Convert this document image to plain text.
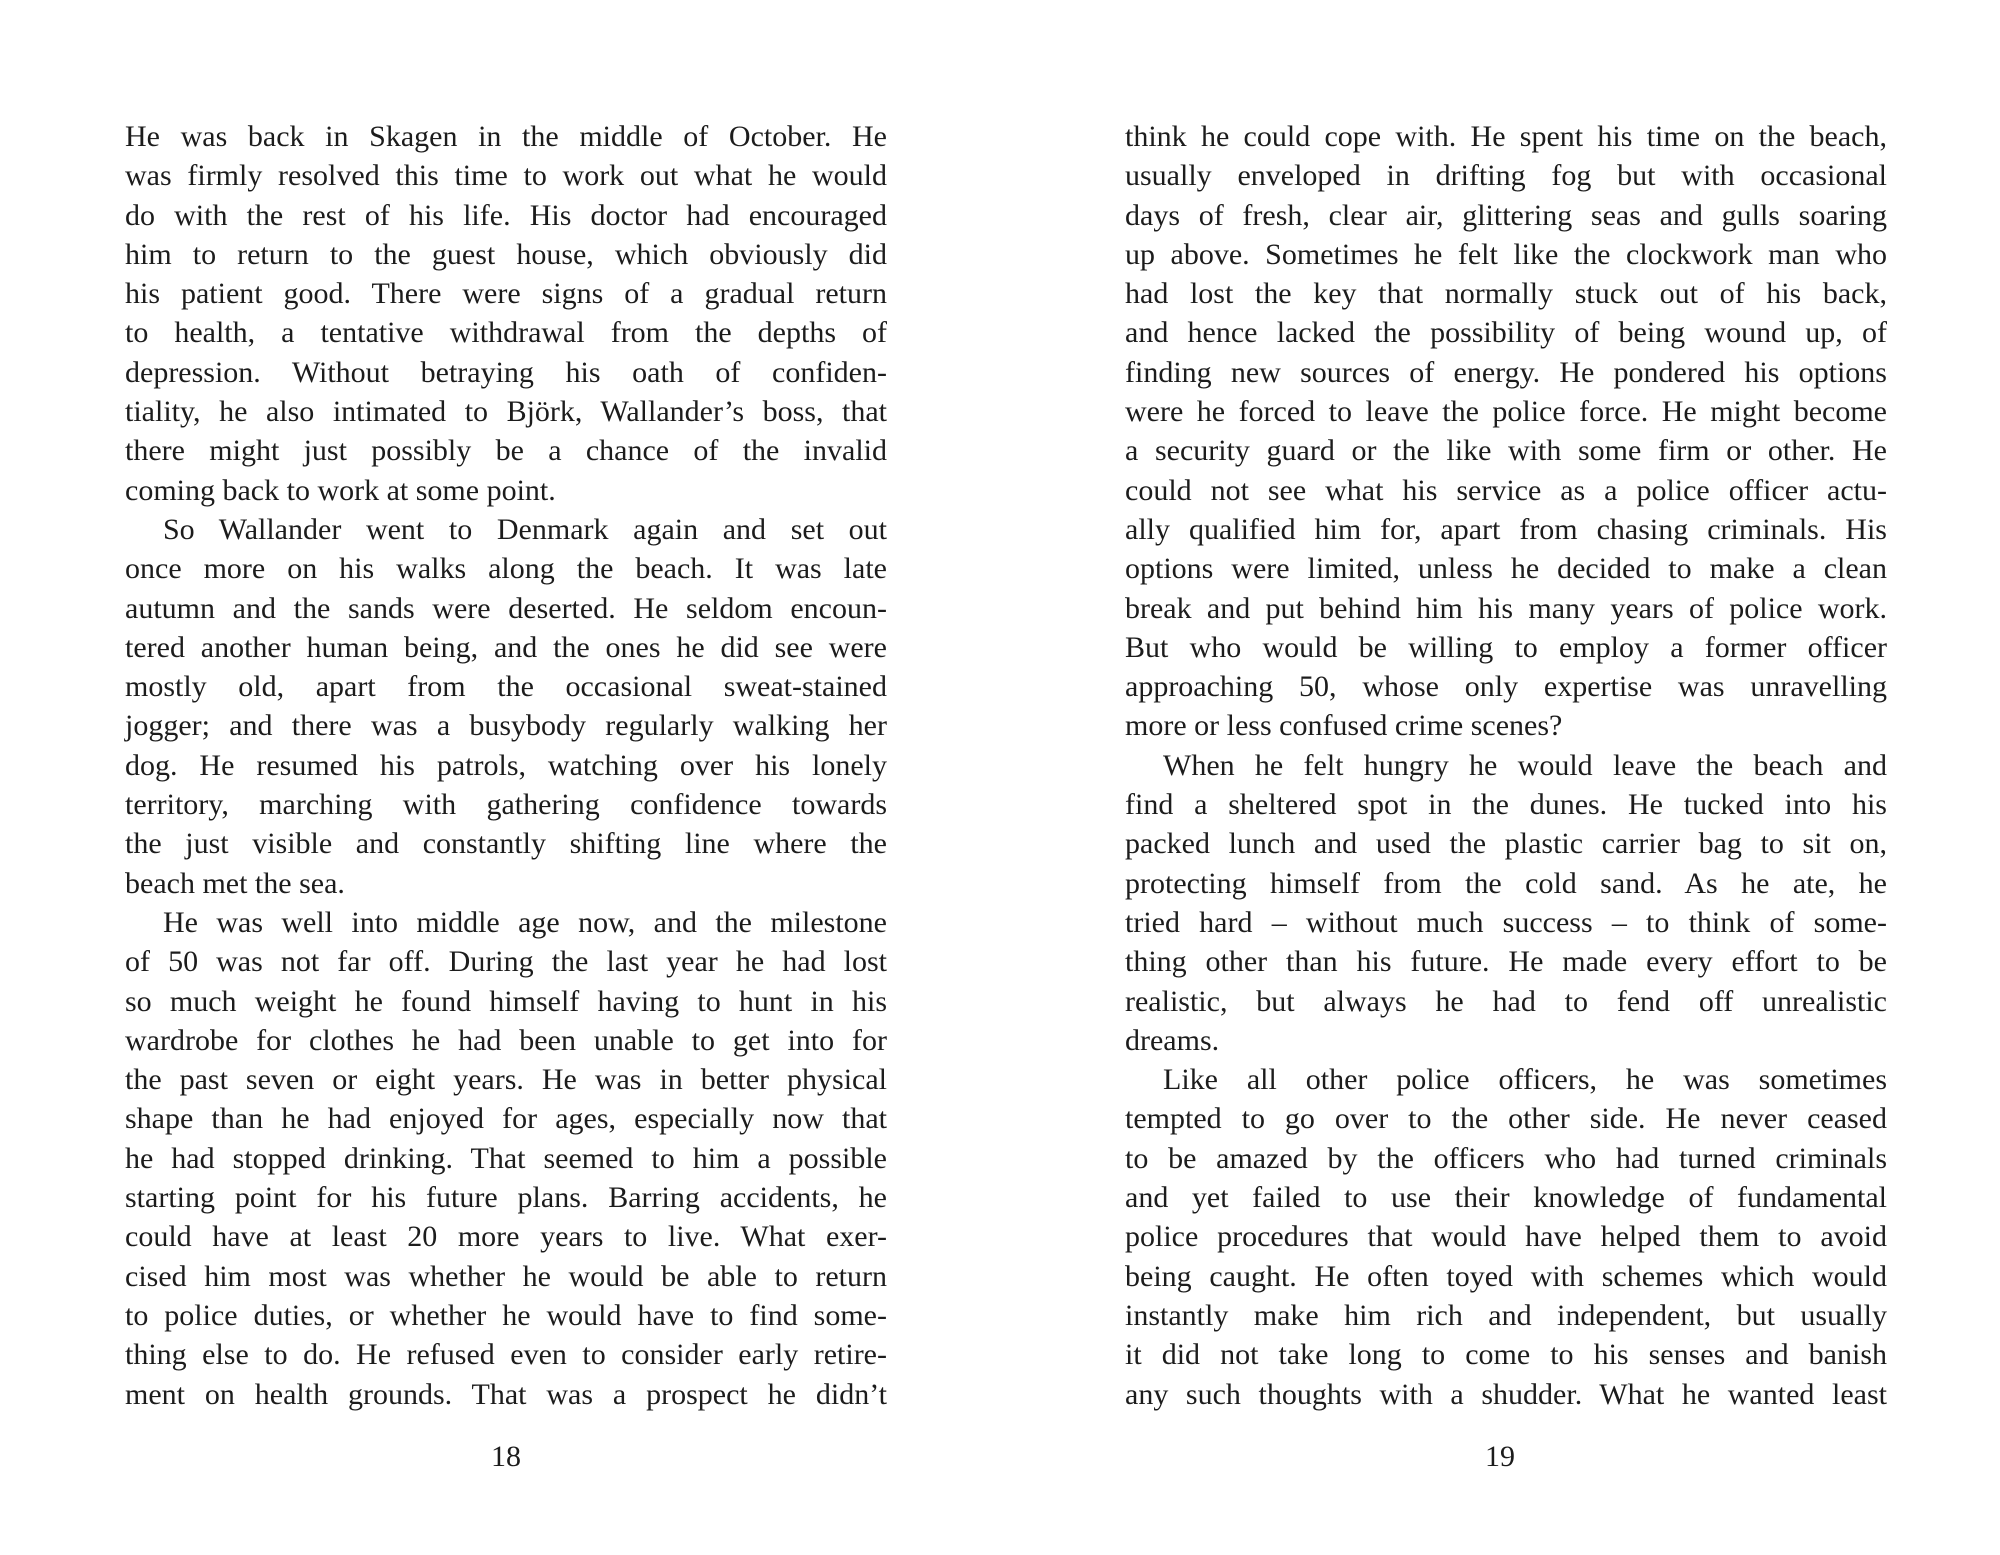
He was back in Skagen in the middle of October. He
was firmly resolved this time to work out what he would
do with the rest of his life. His doctor had encouraged
him to return to the guest house, which obviously did
his patient good. There were signs of a gradual return
to health, a tentative withdrawal from the depths of
depression. Without betraying his oath of confiden-
tiality, he also intimated to Björk, Wallander’s boss, that
there might just possibly be a chance of the invalid
coming back to work at some point.
So Wallander went to Denmark again and set out
once more on his walks along the beach. It was late
autumn and the sands were deserted. He seldom encoun-
tered another human being, and the ones he did see were
mostly old, apart from the occasional sweat-stained
jogger; and there was a busybody regularly walking her
dog. He resumed his patrols, watching over his lonely
territory, marching with gathering confidence towards
the just visible and constantly shifting line where the
beach met the sea.
He was well into middle age now, and the milestone
of 50 was not far off. During the last year he had lost
so much weight he found himself having to hunt in his
wardrobe for clothes he had been unable to get into for
the past seven or eight years. He was in better physical
shape than he had enjoyed for ages, especially now that
he had stopped drinking. That seemed to him a possible
starting point for his future plans. Barring accidents, he
could have at least 20 more years to live. What exer-
cised him most was whether he would be able to return
to police duties, or whether he would have to find some-
thing else to do. He refused even to consider early retire-
ment on health grounds. That was a prospect he didn’t
18
think he could cope with. He spent his time on the beach,
usually enveloped in drifting fog but with occasional
days of fresh, clear air, glittering seas and gulls soaring
up above. Sometimes he felt like the clockwork man who
had lost the key that normally stuck out of his back,
and hence lacked the possibility of being wound up, of
finding new sources of energy. He pondered his options
were he forced to leave the police force. He might become
a security guard or the like with some firm or other. He
could not see what his service as a police officer actu-
ally qualified him for, apart from chasing criminals. His
options were limited, unless he decided to make a clean
break and put behind him his many years of police work.
But who would be willing to employ a former officer
approaching 50, whose only expertise was unravelling
more or less confused crime scenes?
When he felt hungry he would leave the beach and
find a sheltered spot in the dunes. He tucked into his
packed lunch and used the plastic carrier bag to sit on,
protecting himself from the cold sand. As he ate, he
tried hard – without much success – to think of some-
thing other than his future. He made every effort to be
realistic, but always he had to fend off unrealistic
dreams.
Like all other police officers, he was sometimes
tempted to go over to the other side. He never ceased
to be amazed by the officers who had turned criminals
and yet failed to use their knowledge of fundamental
police procedures that would have helped them to avoid
being caught. He often toyed with schemes which would
instantly make him rich and independent, but usually
it did not take long to come to his senses and banish
any such thoughts with a shudder. What he wanted least
19
